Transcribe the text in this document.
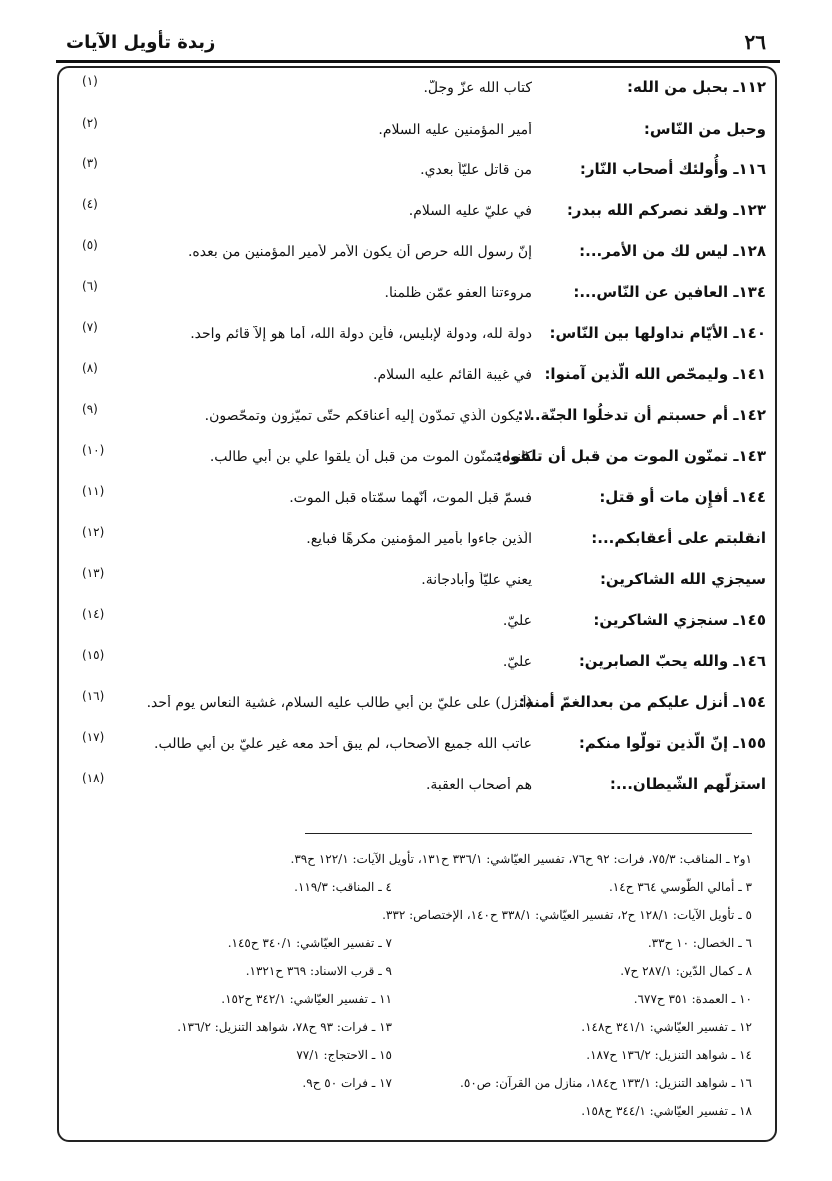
٢٦
زبدة تأويل الآيات
١١٢ـ بحبل من الله:
كتاب الله عزّ وجلّ.
(١)
وحبل من النّاس:
أمير المؤمنين عليه السلام.
(٢)
١١٦ـ وأُولئك أصحاب النّار:
من قاتل عليّاً بعدي.
(٣)
١٢٣ـ ولقد نصركم الله ببدر:
في عليّ عليه السلام.
(٤)
١٢٨ـ ليس لك من الأمر...:
إنّ رسول الله حرص أن يكون الأمر لأمير المؤمنين من بعده.
(٥)
١٣٤ـ العافين عن النّاس...:
مروءتنا العفو عمّن ظلمنا.
(٦)
١٤٠ـ الأيّام نداولها بين النّاس:
دولة لله، ودولة لإبليس، فأين دولة الله، أما هو إلاّ قائم واحد.
(٧)
١٤١ـ وليمحّص الله الّذين آمنوا:
في غيبة القائم عليه السلام.
(٨)
١٤٢ـ أم حسبتم أن تدخلُوا الجنّة...:
لا يكون الّذي تمدّون إليه أعناقكم حتّى تميّزون وتمحّصون.
(٩)
١٤٣ـ تمنّون الموت من قبل أن تلقوه:
كانوا يتمنّون الموت من قبل أن يلقوا علي بن أبي طالب.
(١٠)
١٤٤ـ أفإِن مات أو قتل:
فسمّ قبل الموت، أنّهما سمّتاه قبل الموت.
(١١)
انقلبتم على أعقابكم...:
الّذين جاءوا بأمير المؤمنين مكرهًا فبايع.
(١٢)
سيجزي الله الشاكرين:
يعني عليّاً وأبادجانة.
(١٣)
١٤٥ـ سنجزي الشاكرين:
عليّ.
(١٤)
١٤٦ـ والله يحبّ الصابرين:
عليّ.
(١٥)
١٥٤ـ أنزل عليكم من بعدالغمّ أمنة:
(أنزل) على عليّ بن أبي طالب عليه السلام، غشية النعاس يوم أُحد.
(١٦)
١٥٥ـ إنّ الّذين تولّوا منكم:
عاتب الله جميع الأصحاب، لم يبق أحد معه غير عليّ بن أبي طالب.
(١٧)
استزلّهم الشّيطان...:
هم أصحاب العقبة.
(١٨)
١و٢ ـ المناقب: ٧٥/٣، فرات: ٩٢ ح٧٦، تفسير العيّاشي: ٣٣٦/١ ح١٣١، تأويل الآيات: ١٢٢/١ ح٣٩.
٣ ـ أمالي الطّوسي ٣٦٤ ح١٤.
٤ ـ المناقب: ١١٩/٣.
٥ ـ تأويل الآيات: ١٢٨/١ ح٢، تفسير العيّاشي: ٣٣٨/١ ح١٤٠، الإختصاص: ٣٣٢.
٦ ـ الخصال: ١٠ ح٣٣.
٧ ـ تفسير العيّاشي: ٣٤٠/١ ح١٤٥.
٨ ـ كمال الدّين: ٢٨٧/١ ح٧.
٩ ـ قرب الاسناد: ٣٦٩ ح١٣٢١.
١٠ ـ العمدة: ٣٥١ ح٦٧٧.
١١ ـ تفسير العيّاشي: ٣٤٢/١ ح١٥٢.
١٢ ـ تفسير العيّاشي: ٣٤١/١ ح١٤٨.
١٣ ـ فرات: ٩٣ ح٧٨، شواهد التنزيل: ١٣٦/٢.
١٤ ـ شواهد التنزيل: ١٣٦/٢ ح١٨٧.
١٥ ـ الاحتجاج: ٧٧/١
١٦ ـ شواهد التنزيل: ١٣٣/١ ح١٨٤، منازل من القرآن: ص٥٠.
١٧ ـ فرات ٥٠ ح٩.
١٨ ـ تفسير العيّاشي: ٣٤٤/١ ح١٥٨.
